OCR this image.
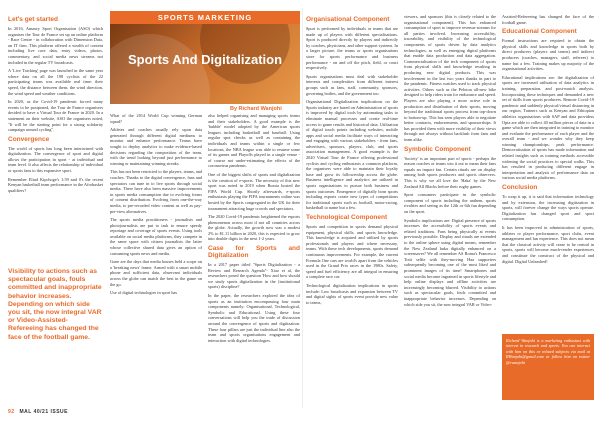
Let's get started

In 2016, Amaury Sport Organisation (ASO) which organises the Tour de France set up an online platform - Race Centre - in collaboration with Dimension Data, an IT firm. This platform offered a wealth of content including live race data, entry videos, photos, commentary, and social media news streams not included in the regular TV broadcasts.

A 'Live Tracking' page was launched in the same year where data on all the 198 cyclists of the 22 participating teams was available real time: their speed, the distance between them, the wind direction, the wind speed and weather conditions.

In 2020, as the Covid-19 pandemic forced many events to be postponed, the Tour de France organisers decided to have a Virtual Tour de France in 2020. In a statement on their website, ASO the organisers noted, "It will be the starting point for a strong solidarity campaign around cycling".

Convergence

The world of sports has long been intertwined with digitalization. The convergence of sport and digital allows the participation in sport - at individual and team level. It also affects the relationship of individual or sports fans to this expansive sport.

Remember Eliud Kipchoge's 1:59 and 0's the recent Kenyan basketball team performance in the Afrobasket qualifiers?

Visibility to actions such as spectacular goals, fouls committed and inappropriate behavior increases. Depending on which side you sit, the now integral VAR or Video-Assisted-Refereeing has changed the face of the football game.
SPORTS MARKETING
Sports And Digitalization
By Richard Wanjohi

What of the 2014 World Cup winning German squad?

Athletes and coaches usually rely upon data generated through different digital mediums to monitor and enhance performance. Teams have sought to deploy analytics to make evidence-based decisions regarding the composition of the team, with the trend looking beyond just performance to winning or maintaining winning streaks.

This has not been restricted to the players, teams, and coaches. Thanks to the digital convergence, fans and spectators can tune in to live sports through social media. There have also been massive improvements in sports media consumption due to evolving forms of content distribution. Evolving from one-the-way media, to pre-recorded video content as well as pay-per-view alternatives.

The sports media practitioners - journalists and photojournalists are put to task to ensure speedy reportage and coverage of sports events. Using tools available on social media platforms, they compete in the same space with citizen journalists the latter whose collective shared data gives an option of consuming sports news and media.

Gone are the days that media houses held a scope on a 'breaking news' frame. Armed with a smart mobile phone and sufficient data, observant individuals across the globe can match the best in the game on the go.

Use of digital technologies in sport has

also helped organising and managing sports teams and their stakeholders. A good example is the 'bubble' model adopted by the American sports leagues including basketball and baseball. Using regular spot checks as well as containing the individuals and teams within a single or few locations, the NBA league was able to resume some of its games and Playoffs played in a single venue - of course not under-estimating the effects of the coronavirus pandemic.

One of the biggest shifts of sports and digitalization is the creation of e-sports. The necessity of this new sport was noted in 2019 when Russia hosted the FIFA World Cup. Shortly afterwards, e-sports enthusiasts playing the FIFA tournaments online was hosted by the Sports congregated in the UK for their tournament attracting huge crowds and spectators.

The 2020 Covid-19 pandemic heightened the esports phenomenon across most if not all countries across the globe. Actually, the growth now was a modest 2% to $1.11 billion in 2020, this is expected to grow into double digits in the next 1-2 years.

Case for Sports and Digitalization

In a 2017 paper titled "Sports Digitalization - a Review and Research Agenda"- Xiao et al, the researchers posed the question 'How and how should we study sports digitalization in the (institutional sports) discipline?

In the paper, the researchers explored the idea of sports as an institution encompassing four main components namely: Organisational, Technological, Symbolic and Educational. Using these four conversations will help you the trade of discussion around the convergence of sports and digitization. These four pillars are just the individual line also the team and sports organisations engagement and interaction with digital technologies.

Organisational Component

Sport is performed by individuals or teams that are made up of players with different specialisations. Sport is produced directly by players and indirectly by coaches, physicians, and other support systems. In a larger picture, the teams or sports organisations store for sports performance and business performance - on and off the pitch, field, or court respectively.

Sports organisations must deal with stakeholder interests and complexities from different interest groups such as fans, staff, community, sponsors, governing bodies, and the government too.

Organisational Digitalization implications on the Sports industry are based on Administration of sports is improved by digital tools by automating tasks to eliminate manual processes and create real-time access to game results and historical data. Utilisation of digital touch points including websites, mobile apps and social media facilitate ways of interacting and engaging with various stakeholders - from fans, advertisers, sponsors, players, club, and sports association management. A good example is the 2020 Virtual Tour de France offering professional cyclists and cycling enthusiasts a common platform, the organisers were able to maintain their loyalty base and grow its followership across the globe. Business intelligence and analytics are utilized in sports organisations to pursue both business and sports outcomes. Emergence of digitally born sports including esports create new types of competitions for traditional sports such as football, motor-racing, basketball to name but a few.

Technological Component

Sports and competition in sports demand physical equipment, physical skills, and sports knowledge. This knowledge is acquired and utilised by sports professionals and players and where necessary, teams. With these tech developments, sports demand continuous improvements. For example, the current Formula One cars are world's apart from the vehicles used in the Grand Prix races in the 1980s. Safety, speed and fuel efficiency are all integral in ensuring a complete race car.

Technological digitalization implications in sports include: Low broadcasts and expansion between TV and digital sights of sports event provide new value to teams,

viewers, and sponsors (this is closely related to the organisational component). This has enhanced consumption of sport to improve revenue streams for all parties involved. Increasing accessibility, traceability, and visibility of the technological components of sports driven by data analytics technologies, as well as emerging digital platforms that enable data production and data aggregation. Commercialisation of the tech component of sports from physical skills and knowledge resulting in producing new digital products. This was involvement in the last two years thanks in part to the pandemic. Fitness watches used to track physical activities. Others such as the Peloton all-new bike designed to help riders train for endurance and speed. Players are also playing a more active role in production and distribution of their sports, moving beyond the traditional sports process from top-down to bottom-up. This has seen players able to negotiate better contracts, endorsements, and sponsorships. It has provided them with more visibility of their views through not always without backlash from fans and team alike.

Symbolic Component

'Society' is an important part of sports - perhaps the reason coaches or teams win it out to mean their fans equals an impact fan. Certain rituals are on display among both sports producers and sports observers. This is why we all love the 'Haka' by the New Zealand All Blacks before their rugby games.

Sport consumers participate in the symbolic component of sports including the anthem, sports rivalries and seeing as the 12th or 6th fan depending on the sport.

Symbolic implications are: Digital presence of sports increases the accessibility of sports events and related traditions. Fans being physically at events previously possible. Display and rituals are extended to the online sphere using digital means, remember the New Zealand haka digitally enhanced on a screensaver? We all remember AS Roma's Francesco Totti selfie with they-moving Haa supporters subsequently becoming one of the most liked and prominent images of its time! Smartphones and social media become ingrained in sports lifestyle and help online displays and offline activities are increasingly becoming blurred. Visibility to actions such as spectacular goals, fouls committed and inappropriate behavior increases. Depending on which side you sit, the now integral VAR or Video-

Assisted-Refereeing has changed the face of the football game.

Educational Component

Formal instructions are required to obtain the physical skills and knowledge in sports both by direct producers (players and teams) and indirect producers (coaches, managers, staff, referees) to name but a few. Training makes up majority of the organisational activities.

Educational implications are: the digitalization of sports are increased utilisation of data analytics in training, preparation, and post-match analysis. Incorporating these techniques and demanded a new set of skills from sports producers. Remote Covid-19 pandemic and suddenly physical/virtual distancing in our region, Trainers such as Kenyan and Ethiopian athletics organisations with SAP and data providers Opta are able to collect 40 million pieces of data in a game which are then integrated in training to monitor and evaluate the performance of each player and the overall team - and we wonder why they keep winning championships, peak performance. Democratisation of sports has made information and related insights such as training methods accessible widening the social practices to special walks. This has resulted in producing different engage in interpretation and analysis of performance data on various social media platforms.

Conclusion

To wrap it up, it is said that information technology and by extension, the increasing digitization in sports, will forever change the ways sports operate. Digitalization has changed sport and sport consumption.

It has been improved in administration of sports, athletes or player performance, sport clubs, event management and fan experience. This does not mean that the classical activity will cease to be central in sports, sports will become much-reader experiences and constitute the construct of the physical and digital. Digital Unleashed!

Richard Wanjohi is a marketing enthusiast with interest in research and sports. You can interact with him on this or related subjects via mail at RWanjohi@gmail.com or follow him on twitter @rwanjohi
92 MAL 40/21 ISSUE
